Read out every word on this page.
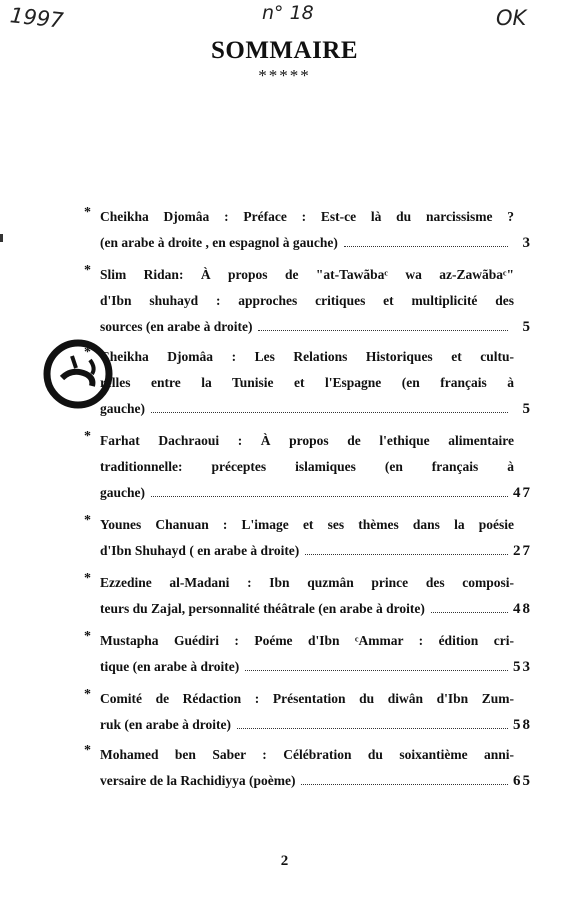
1997	n° 18	OK
SOMMAIRE
*****
* Cheikha Djomâa : Préface : Est-ce là du narcissisme ?
(en arabe à droite , en espagnol à gauche)	3
* Slim Ridan: À propos de "at-Tawãbaᶜ wa az-Zawãbaᶜ"
d'Ibn shuhayd : approches critiques et multiplicité des
sources (en arabe à droite)	5
* Cheikha Djomâa : Les Relations Historiques et cultu-
relles entre la Tunisie et l'Espagne (en français à
gauche)	5
* Farhat Dachraoui : À propos de l'ethique alimentaire
traditionnelle: préceptes islamiques (en français à
gauche)	47
* Younes Chanuan : L'image et ses thèmes dans la poésie
d'Ibn Shuhayd ( en arabe à droite)	27
* Ezzedine al-Madani : Ibn quzmân prince des composi-
teurs du Zajal, personnalité théâtrale (en arabe à droite)	48
* Mustapha Guédiri : Poéme d'Ibn ᶜAmmar : édition cri-
tique (en arabe à droite)	53
* Comité de Rédaction : Présentation du diwân d'Ibn Zum-
ruk (en arabe à droite)	58
* Mohamed ben Saber : Célébration du soixantième anni-
versaire de la Rachidiyya (poème)	65
2
